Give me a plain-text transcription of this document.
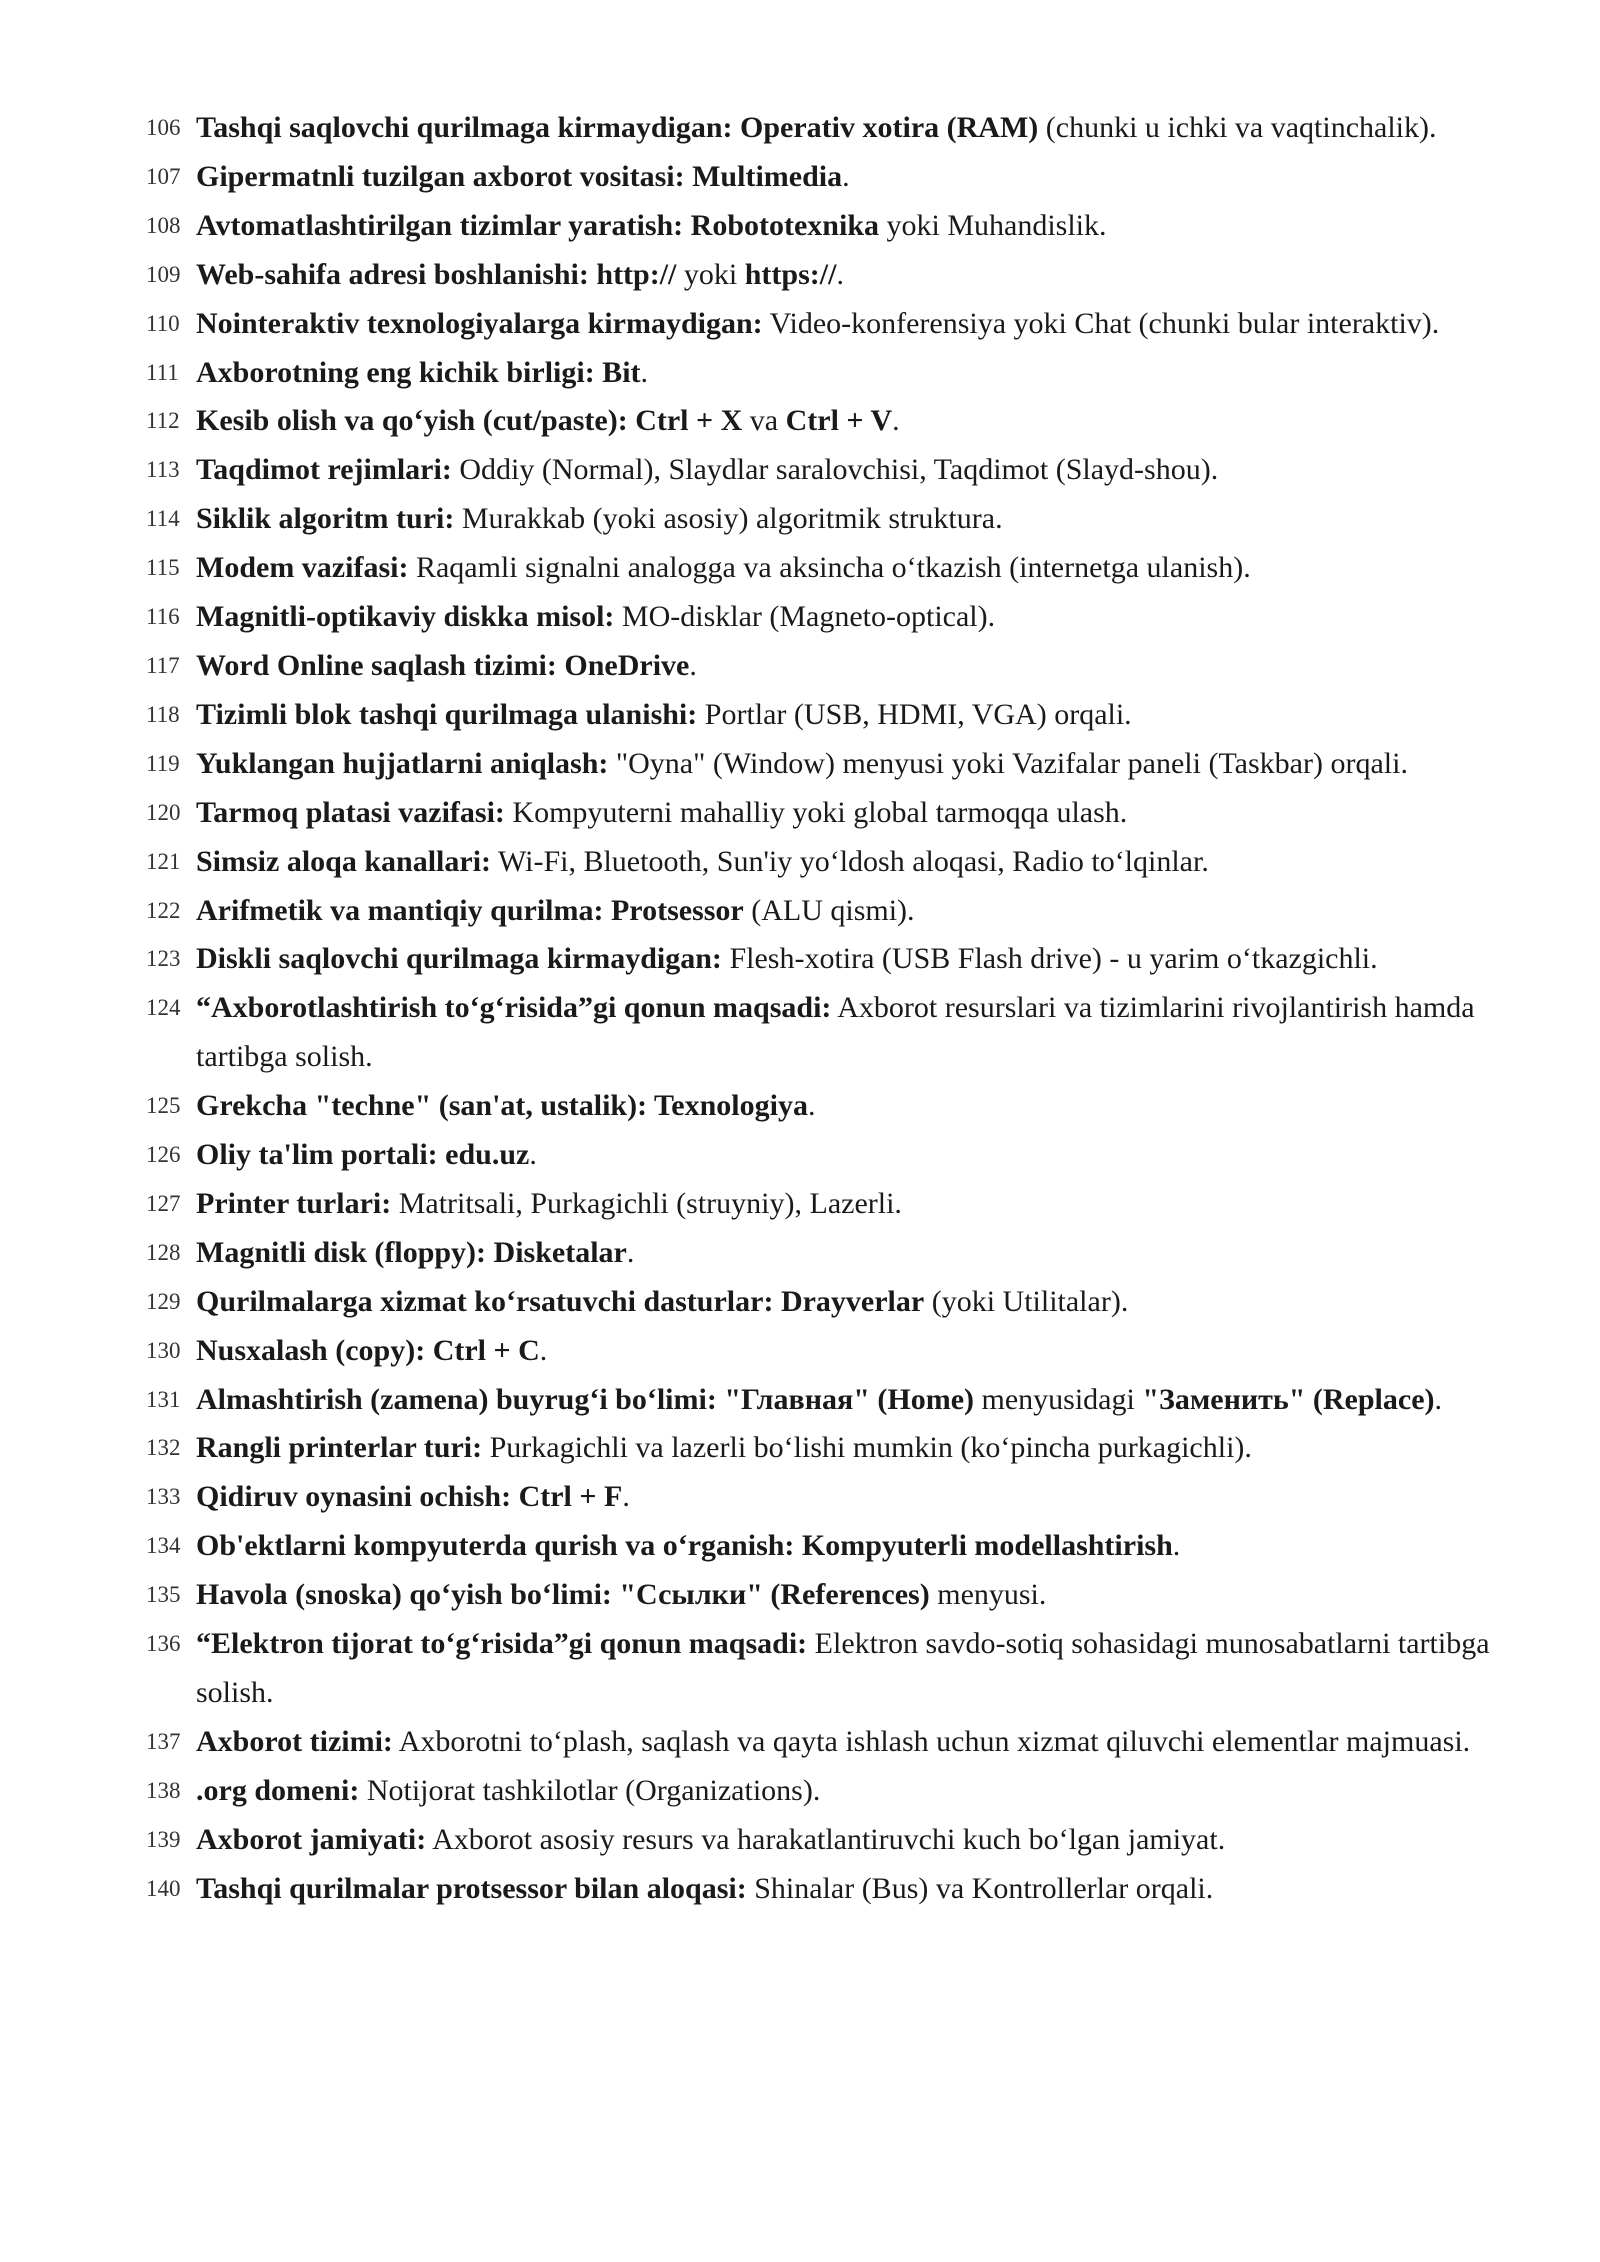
106 Tashqi saqlovchi qurilmaga kirmaydigan: Operativ xotira (RAM) (chunki u ichki va vaqtinchalik).
107 Gipermatnli tuzilgan axborot vositasi: Multimedia.
108 Avtomatlashtirilgan tizimlar yaratish: Robototexnika yoki Muhandislik.
109 Web-sahifa adresi boshlanishi: http:// yoki https://.
110 Nointeraktiv texnologiyalarga kirmaydigan: Video-konferensiya yoki Chat (chunki bular interaktiv).
111 Axborotning eng kichik birligi: Bit.
112 Kesib olish va qo‘yish (cut/paste): Ctrl + X va Ctrl + V.
113 Taqdimot rejimlari: Oddiy (Normal), Slaydlar saralovchisi, Taqdimot (Slayd-shou).
114 Siklik algoritm turi: Murakkab (yoki asosiy) algoritmik struktura.
115 Modem vazifasi: Raqamli signalni analogga va aksincha o‘tkazish (internetga ulanish).
116 Magnitli-optikaviy diskka misol: MO-disklar (Magneto-optical).
117 Word Online saqlash tizimi: OneDrive.
118 Tizimli blok tashqi qurilmaga ulanishi: Portlar (USB, HDMI, VGA) orqali.
119 Yuklangan hujjatlarni aniqlash: "Oyna" (Window) menyusi yoki Vazifalar paneli (Taskbar) orqali.
120 Tarmoq platasi vazifasi: Kompyuterni mahalliy yoki global tarmoqqa ulash.
121 Simsiz aloqa kanallari: Wi-Fi, Bluetooth, Sun'iy yo‘ldosh aloqasi, Radio to‘lqinlar.
122 Arifmetik va mantiqiy qurilma: Protsessor (ALU qismi).
123 Diskli saqlovchi qurilmaga kirmaydigan: Flesh-xotira (USB Flash drive) - u yarim o‘tkazgichli.
124 “Axborotlashtirish to‘g‘risida”gi qonun maqsadi: Axborot resurslari va tizimlarini rivojlantirish hamda tartibga solish.
125 Grekcha "techne" (san'at, ustalik): Texnologiya.
126 Oliy ta'lim portali: edu.uz.
127 Printer turlari: Matritsali, Purkagichli (struyniy), Lazerli.
128 Magnitli disk (floppy): Disketalar.
129 Qurilmalarga xizmat ko‘rsatuvchi dasturlar: Drayverlar (yoki Utilitalar).
130 Nusxalash (copy): Ctrl + C.
131 Almashtirish (zamena) buyrug‘i bo‘limi: "Главная" (Home) menyusidagi "Заменить" (Replace).
132 Rangli printerlar turi: Purkagichli va lazerli bo‘lishi mumkin (ko‘pincha purkagichli).
133 Qidiruv oynasini ochish: Ctrl + F.
134 Ob'ektlarni kompyuterda qurish va o‘rganish: Kompyuterli modellashtirish.
135 Havola (snoska) qo‘yish bo‘limi: "Ссылки" (References) menyusi.
136 “Elektron tijorat to‘g‘risida”gi qonun maqsadi: Elektron savdo-sotiq sohasidagi munosabatlarni tartibga solish.
137 Axborot tizimi: Axborotni to‘plash, saqlash va qayta ishlash uchun xizmat qiluvchi elementlar majmuasi.
138 .org domeni: Notijorat tashkilotlar (Organizations).
139 Axborot jamiyati: Axborot asosiy resurs va harakatlantiruvchi kuch bo‘lgan jamiyat.
140 Tashqi qurilmalar protsessor bilan aloqasi: Shinalar (Bus) va Kontrollerlar orqali.
